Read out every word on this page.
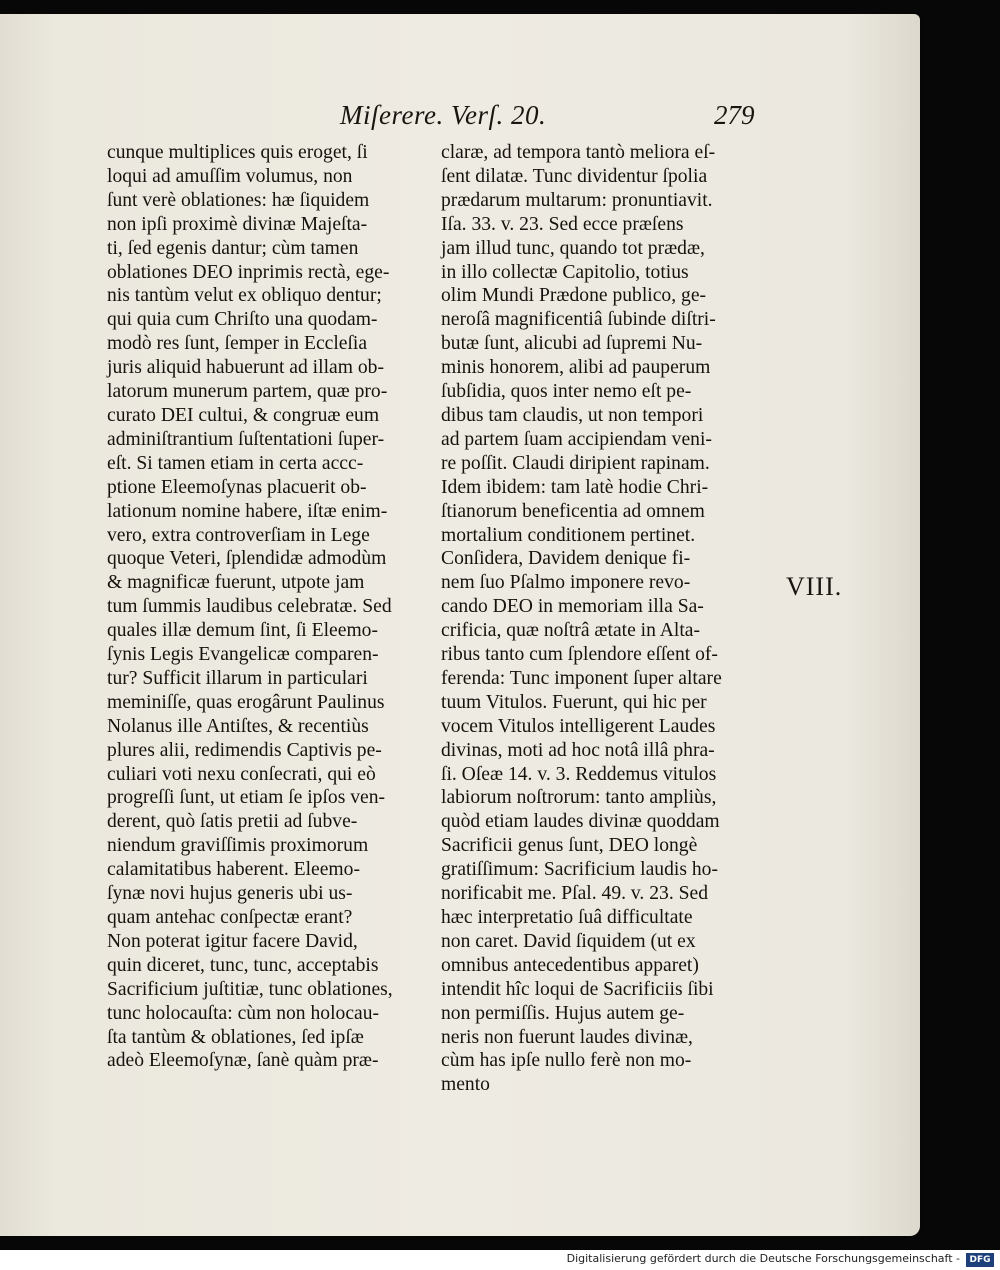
Miſerere. Verſ. 20.	279
cunque multiplices quis eroget, ſi
loqui ad amuſſim volumus, non
ſunt verè oblationes: hæ ſiquidem
non ipſi proximè divinæ Majeſta-
ti, ſed egenis dantur; cùm tamen
oblationes DEO inprimis rectà, ege-
nis tantùm velut ex obliquo dentur;
qui quia cum Chriſto una quodam-
modò res ſunt, ſemper in Eccleſia
juris aliquid habuerunt ad illam ob-
latorum munerum partem, quæ pro-
curato DEI cultui, & congruæ eum
adminiſtrantium ſuſtentationi ſuper-
eſt. Si tamen etiam in certa accc-
ptione Eleemoſynas placuerit ob-
lationum nomine habere, iſtæ enim-
vero, extra controverſiam in Lege
quoque Veteri, ſplendidæ admodùm
& magnificæ fuerunt, utpote jam
tum ſummis laudibus celebratæ. Sed
quales illæ demum ſint, ſi Eleemo-
ſynis Legis Evangelicæ comparen-
tur? Sufficit illarum in particulari
meminiſſe, quas erogârunt Paulinus
Nolanus ille Antiſtes, & recentiùs
plures alii, redimendis Captivis pe-
culiari voti nexu conſecrati, qui eò
progreſſi ſunt, ut etiam ſe ipſos ven-
derent, quò ſatis pretii ad ſubve-
niendum graviſſimis proximorum
calamitatibus haberent. Eleemo-
ſynæ novi hujus generis ubi us-
quam antehac conſpectæ erant?
Non poterat igitur facere David,
quin diceret, tunc, tunc, acceptabis
Sacrificium juſtitiæ, tunc oblationes,
tunc holocauſta: cùm non holocau-
ſta tantùm & oblationes, ſed ipſæ
adeò Eleemoſynæ, ſanè quàm præ-
claræ, ad tempora tantò meliora eſ-
ſent dilatæ. Tunc dividentur ſpolia
prædarum multarum: pronuntiavit.
Iſa. 33. v. 23. Sed ecce præſens
jam illud tunc, quando tot prædæ,
in illo collectæ Capitolio, totius
olim Mundi Prædone publico, ge-
neroſâ magnificentiâ ſubinde diſtri-
butæ ſunt, alicubi ad ſupremi Nu-
minis honorem, alibi ad pauperum
ſubſidia, quos inter nemo eſt pe-
dibus tam claudis, ut non tempori
ad partem ſuam accipiendam veni-
re poſſit. Claudi diripient rapinam.
Idem ibidem: tam latè hodie Chri-
ſtianorum beneficentia ad omnem
mortalium conditionem pertinet.
Conſidera, Davidem denique fi-
nem ſuo Pſalmo imponere revo-
cando DEO in memoriam illa Sa-
crificia, quæ noſtrâ ætate in Alta-
ribus tanto cum ſplendore eſſent of-
ferenda: Tunc imponent ſuper altare
tuum Vitulos. Fuerunt, qui hic per
vocem Vitulos intelligerent Laudes
divinas, moti ad hoc notâ illâ phra-
ſi. Oſeæ 14. v. 3. Reddemus vitulos
labiorum noſtrorum: tanto ampliùs,
quòd etiam laudes divinæ quoddam
Sacrificii genus ſunt, DEO longè
gratiſſimum: Sacrificium laudis ho-
norificabit me. Pſal. 49. v. 23. Sed
hæc interpretatio ſuâ difficultate
non caret. David ſiquidem (ut ex
omnibus antecedentibus apparet)
intendit hîc loqui de Sacrificiis ſibi
non permiſſis. Hujus autem ge-
neris non fuerunt laudes divinæ,
cùm has ipſe nullo ferè non mo-
mento
VIII.
Digitalisierung gefördert durch die Deutsche Forschungsgemeinschaft -	DFG
